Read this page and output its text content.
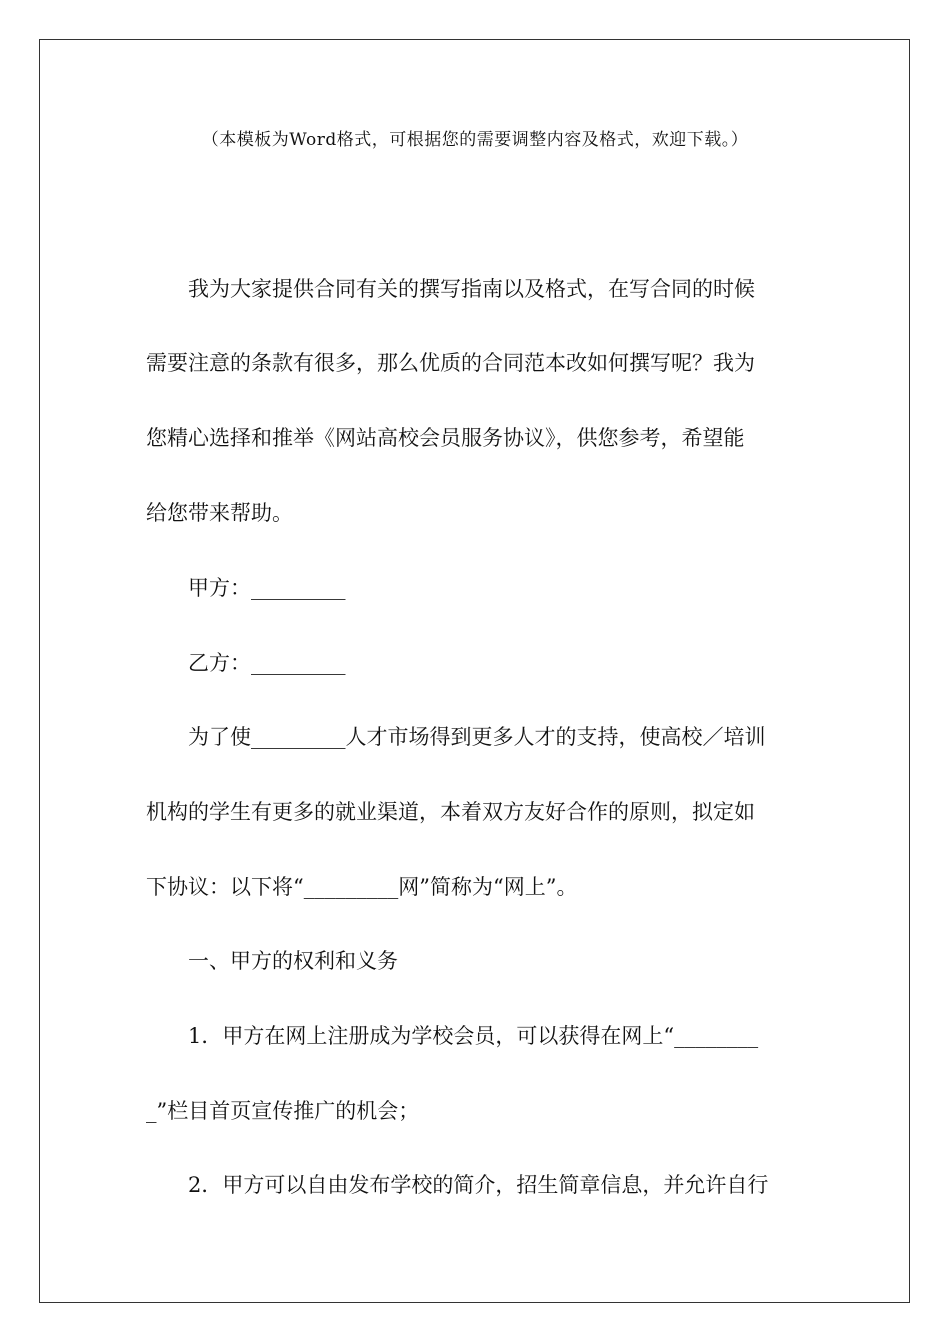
（本模板为Word格式，可根据您的需要调整内容及格式，欢迎下载。）
我为大家提供合同有关的撰写指南以及格式，在写合同的时候
需要注意的条款有很多，那么优质的合同范本改如何撰写呢？我为
您精心选择和推举《网站高校会员服务协议》，供您参考，希望能
给您带来帮助。
甲方：_________
乙方：_________
为了使_________人才市场得到更多人才的支持，使高校／培训
机构的学生有更多的就业渠道，本着双方友好合作的原则，拟定如
下协议：以下将“_________网”简称为“网上”。
一、甲方的权利和义务
1．甲方在网上注册成为学校会员，可以获得在网上“________
_”栏目首页宣传推广的机会；
2．甲方可以自由发布学校的简介，招生简章信息，并允许自行
